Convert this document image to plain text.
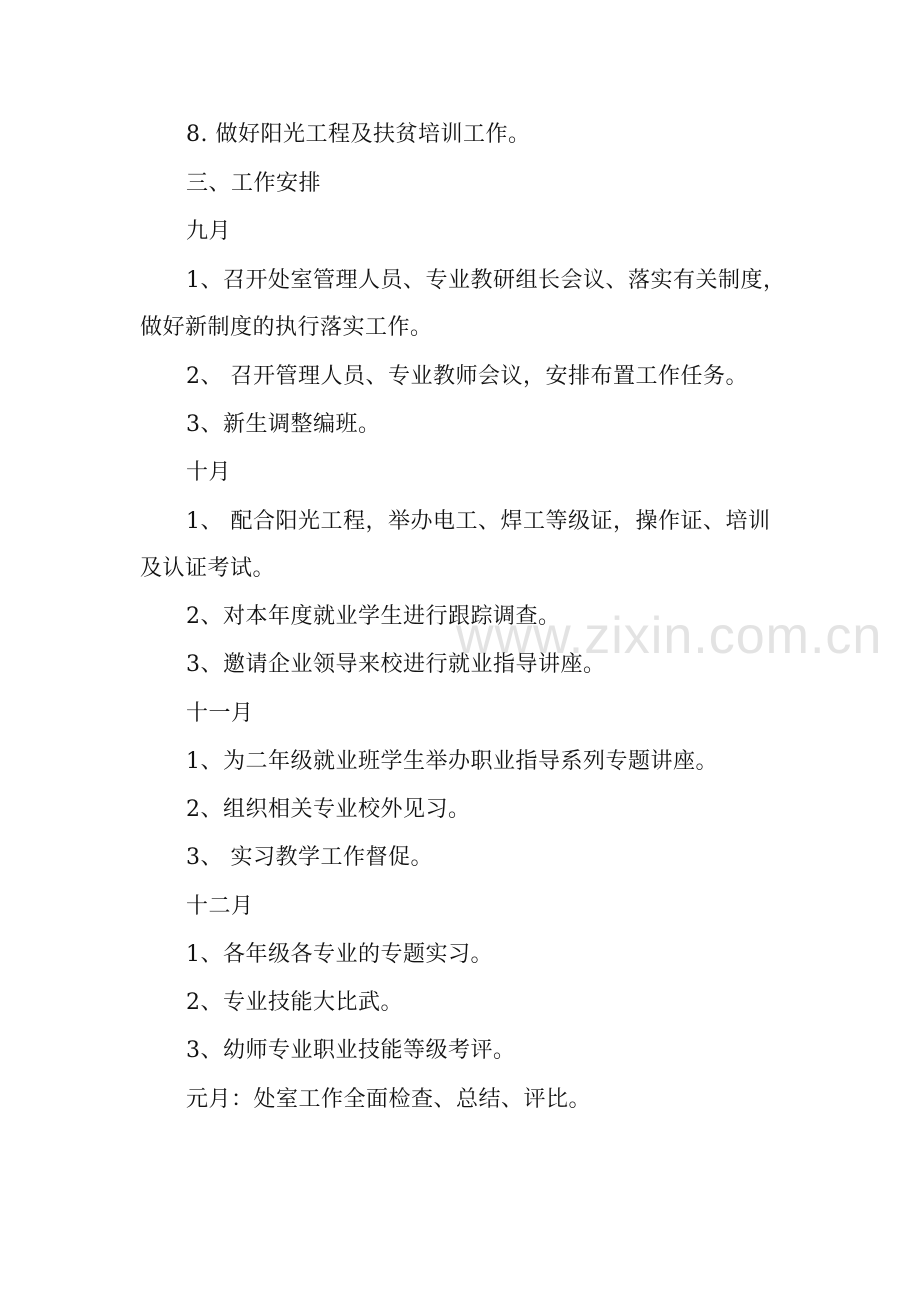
www.zixin.com.cn
8. 做好阳光工程及扶贫培训工作。
三、工作安排
九月
1、召开处室管理人员、专业教研组长会议、落实有关制度，
做好新制度的执行落实工作。
2、 召开管理人员、专业教师会议，安排布置工作任务。
3、新生调整编班。
十月
1、 配合阳光工程，举办电工、焊工等级证，操作证、培训
及认证考试。
2、对本年度就业学生进行跟踪调查。
3、邀请企业领导来校进行就业指导讲座。
十一月
1、为二年级就业班学生举办职业指导系列专题讲座。
2、组织相关专业校外见习。
3、 实习教学工作督促。
十二月
1、各年级各专业的专题实习。
2、专业技能大比武。
3、幼师专业职业技能等级考评。
元月：处室工作全面检查、总结、评比。
